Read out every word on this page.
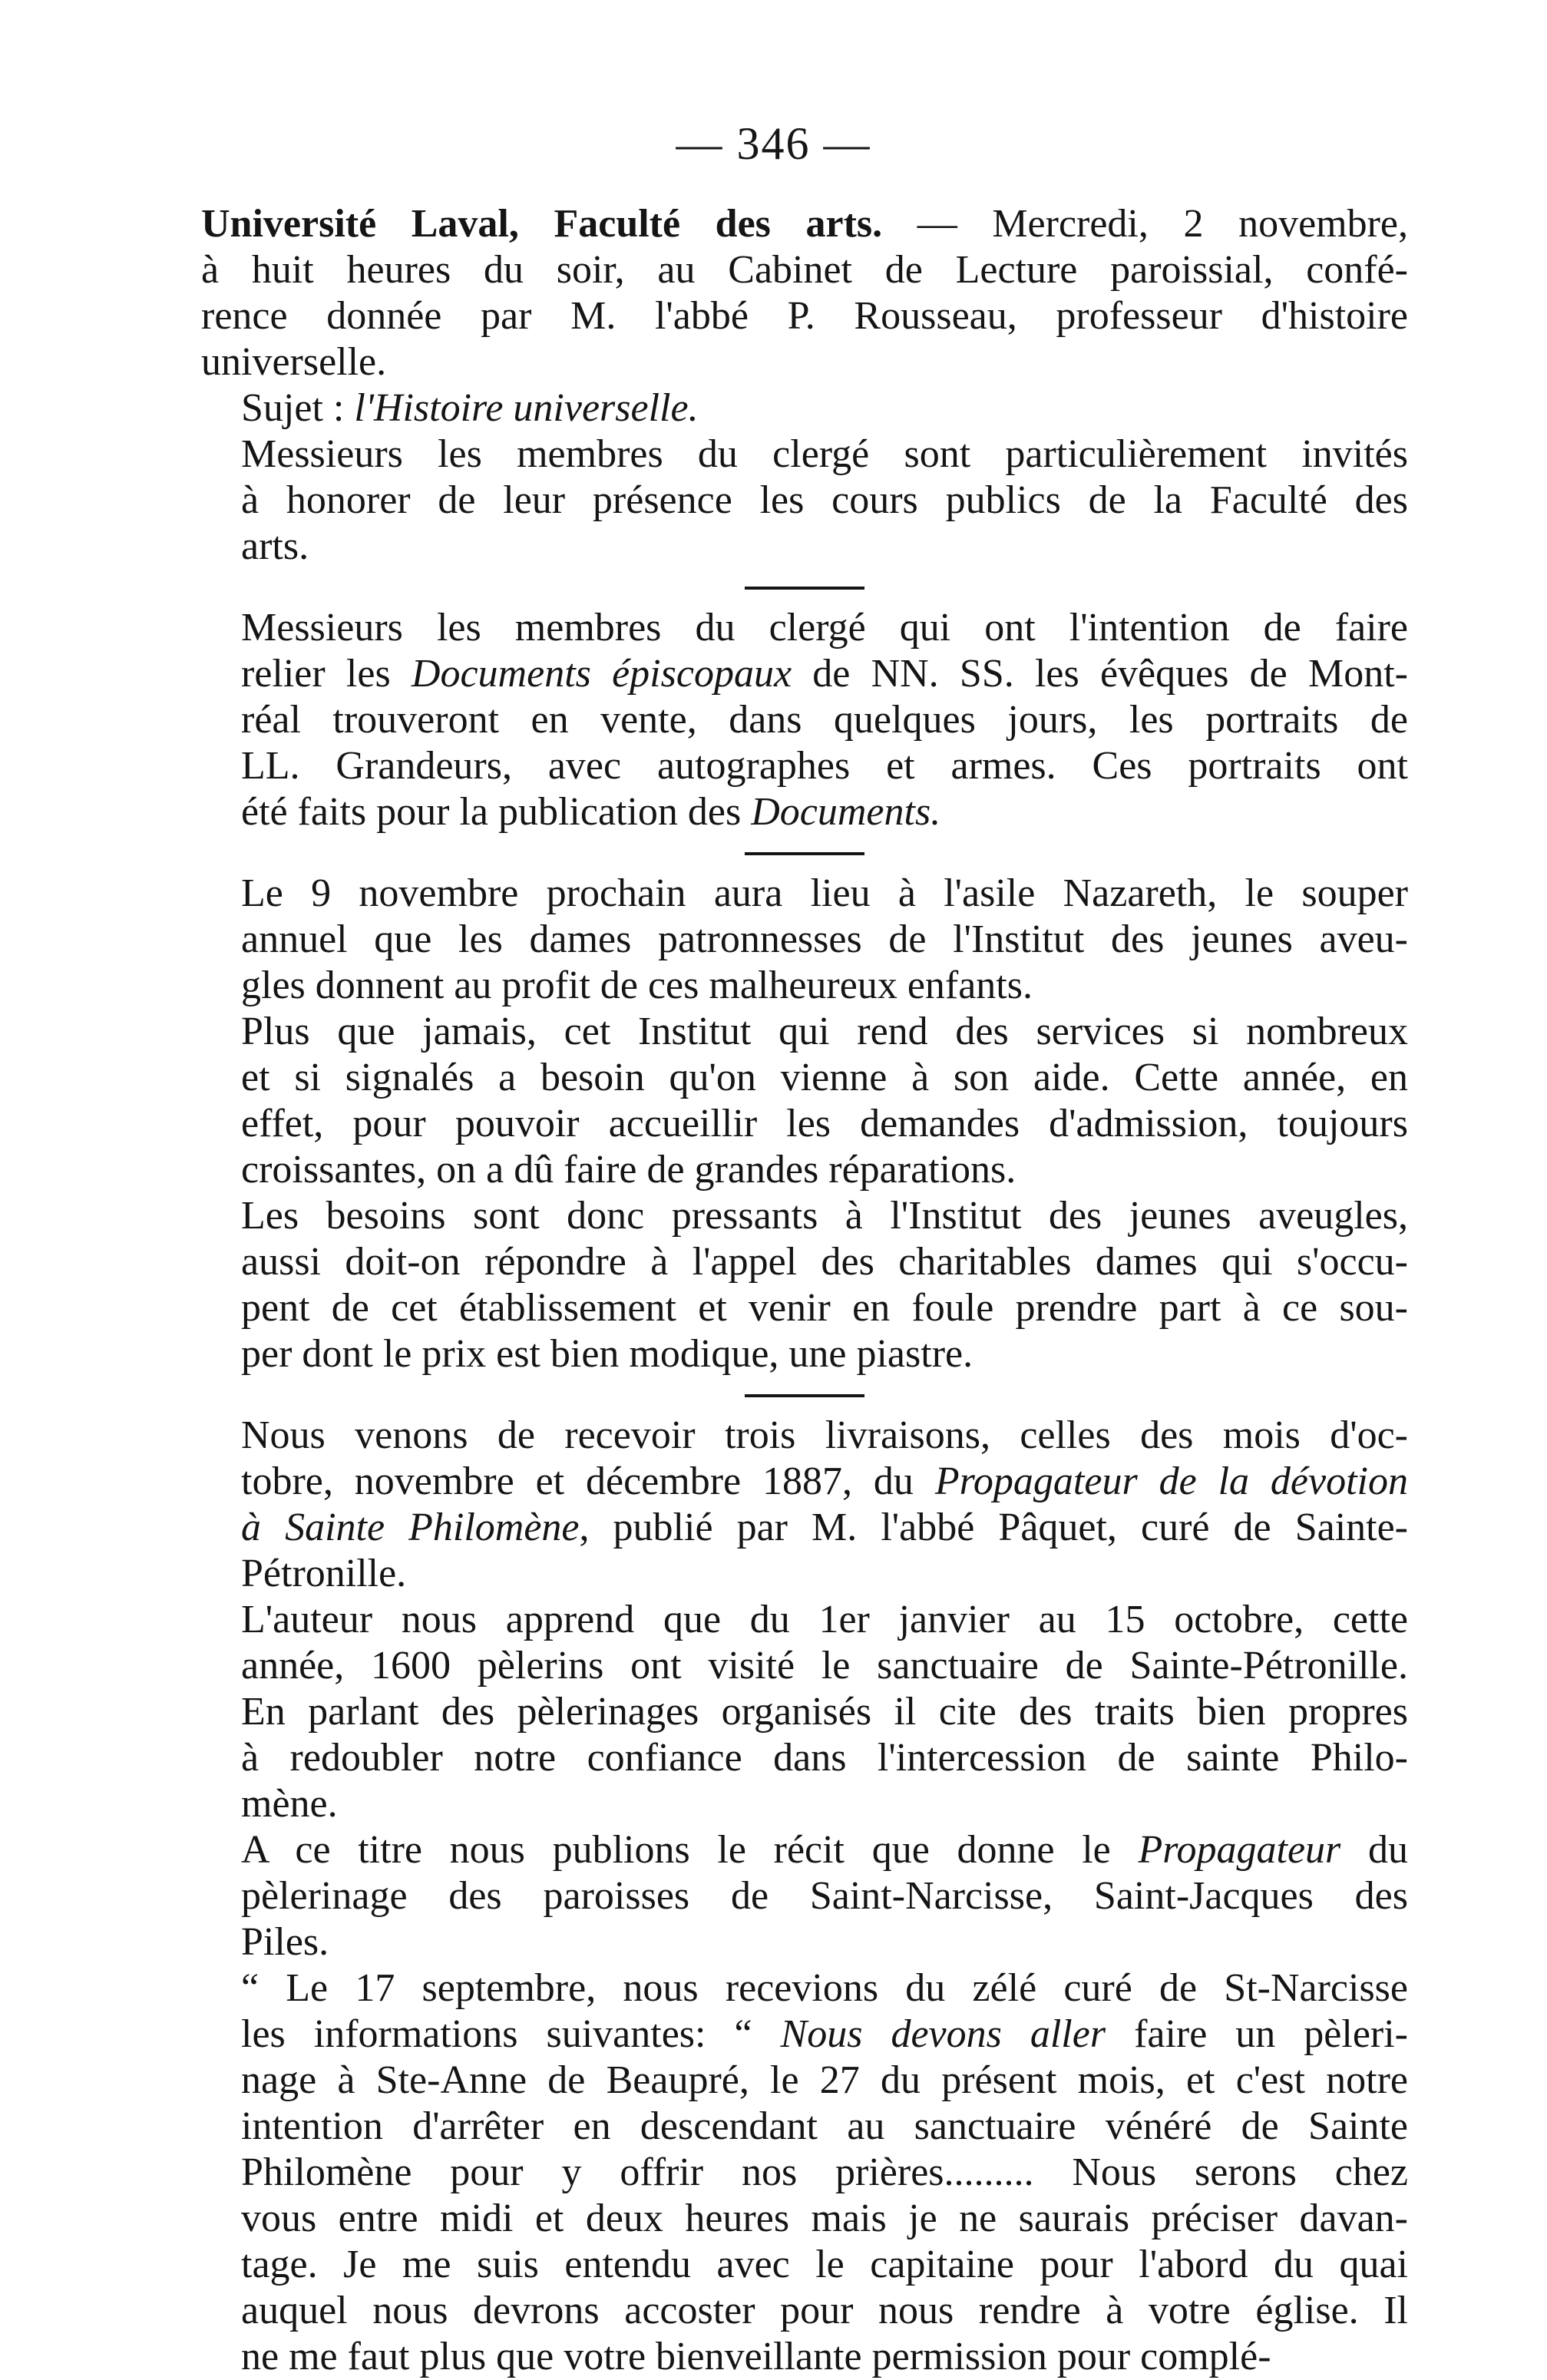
— 346 —
Université Laval, Faculté des arts. — Mercredi, 2 novembre,
à huit heures du soir, au Cabinet de Lecture paroissial, confé-
rence donnée par M. l'abbé P. Rousseau, professeur d'histoire
universelle.
Sujet : l'Histoire universelle.
Messieurs les membres du clergé sont particulièrement invités
à honorer de leur présence les cours publics de la Faculté des
arts.
Messieurs les membres du clergé qui ont l'intention de faire
relier les Documents épiscopaux de NN. SS. les évêques de Mont-
réal trouveront en vente, dans quelques jours, les portraits de
LL. Grandeurs, avec autographes et armes. Ces portraits ont
été faits pour la publication des Documents.
Le 9 novembre prochain aura lieu à l'asile Nazareth, le souper
annuel que les dames patronnesses de l'Institut des jeunes aveu-
gles donnent au profit de ces malheureux enfants.
Plus que jamais, cet Institut qui rend des services si nombreux
et si signalés a besoin qu'on vienne à son aide. Cette année, en
effet, pour pouvoir accueillir les demandes d'admission, toujours
croissantes, on a dû faire de grandes réparations.
Les besoins sont donc pressants à l'Institut des jeunes aveugles,
aussi doit-on répondre à l'appel des charitables dames qui s'occu-
pent de cet établissement et venir en foule prendre part à ce sou-
per dont le prix est bien modique, une piastre.
Nous venons de recevoir trois livraisons, celles des mois d'oc-
tobre, novembre et décembre 1887, du Propagateur de la dévotion
à Sainte Philomène, publié par M. l'abbé Pâquet, curé de Sainte-
Pétronille.
L'auteur nous apprend que du 1er janvier au 15 octobre, cette
année, 1600 pèlerins ont visité le sanctuaire de Sainte-Pétronille.
En parlant des pèlerinages organisés il cite des traits bien propres
à redoubler notre confiance dans l'intercession de sainte Philo-
mène.
A ce titre nous publions le récit que donne le Propagateur du
pèlerinage des paroisses de Saint-Narcisse, Saint-Jacques des
Piles.
“ Le 17 septembre, nous recevions du zélé curé de St-Narcisse
les informations suivantes: “ Nous devons aller faire un pèleri-
nage à Ste-Anne de Beaupré, le 27 du présent mois, et c'est notre
intention d'arrêter en descendant au sanctuaire vénéré de Sainte
Philomène pour y offrir nos prières......... Nous serons chez
vous entre midi et deux heures mais je ne saurais préciser davan-
tage. Je me suis entendu avec le capitaine pour l'abord du quai
auquel nous devrons accoster pour nous rendre à votre église. Il
ne me faut plus que votre bienveillante permission pour complé-
